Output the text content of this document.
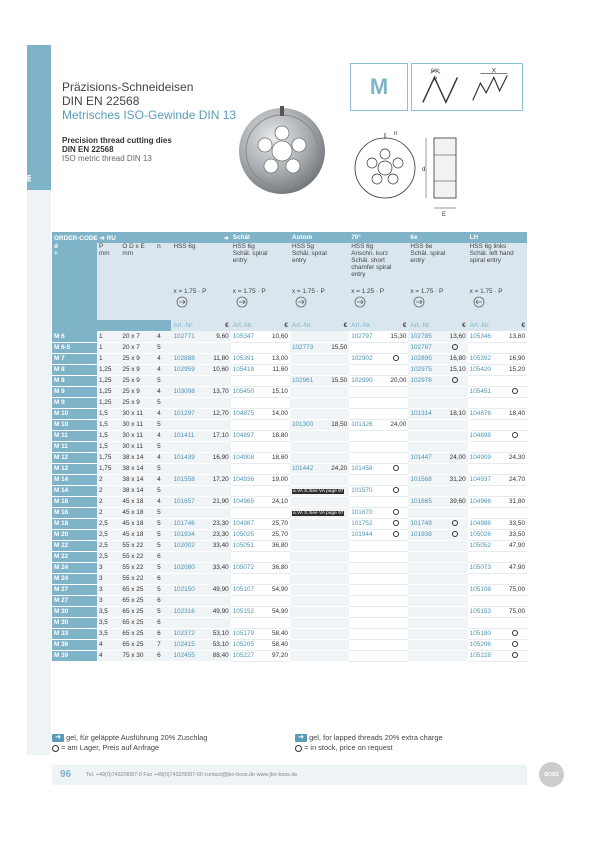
M
Präzisions-Schneideisen
DIN EN 22568
Metrisches ISO-Gewinde DIN 13
Precision thread cutting dies
DIN EN 22568
ISO metric thread DIN 13
M
60°
P
X
n
d
E
ORDER-CODE ➜ RU				➜		Schäl		Autom		70°		6e		LH	
d
+	P
mm	O D x E
mm	n	HSS 6g		HSS 6g
Schäl. spiral entry		HSS 5g
Schäl. spiral entry		HSS 6g
Anschn. kurz Schäl. short chamfer spiral entry		HSS 6e
Schäl. spiral entry		HSS 6g links
Schäl. left hand spiral entry	
				x = 1.75 · P		x = 1.75 · P		x = 1.75 · P		x = 1.25 · P		x = 1.75 · P		x = 1.75 · P	

				Art.-Nr.	€	Art.-Nr.	€	Art.-Nr.	€	Art.-Nr.	€	Art.-Nr.	€	Art.-Nr.	€
M 6	1	20 x 7	4	102771	9,60	105347	10,60			102797	15,30	102785	13,60	105346	13,60
M 6-5	1	20 x 7	5					102773	15,50			102787			
M 7	1	25 x 9	4	102888	11,80	105391	13,00			102902		102895	16,80	105392	16,90
M 8	1,25	25 x 9	4	102959	10,60	105419	11,60					102975	15,10	105420	15,20
M 8	1,25	25 x 9	5					102961	15,50	102990	20,00	102978			
M 9	1,25	25 x 9	4	103098	13,70	105450	15,10							105451	
M 9	1,25	25 x 9	5												
M 10	1,5	30 x 11	4	101297	12,70	104875	14,00					101314	18,10	104876	18,40
M 10	1,5	30 x 11	5					101300	18,50	101326	24,00				
M 11	1,5	30 x 11	4	101411	17,10	104897	18,80							104898	
M 11	1,5	30 x 11	5												
M 12	1,75	38 x 14	4	101439	16,90	104908	18,60					101447	24,00	104909	24,30
M 12	1,75	38 x 14	5					101442	24,20	101458					
M 14	2	38 x 14	4	101558	17,20	104936	19,00					101568	31,20	104937	24,70
M 14	2	38 x 14	5					a.VA S./see VA page 97		101570					
M 16	2	45 x 18	4	101657	21,90	104965	24,10					101665	39,60	104966	31,80
M 16	2	45 x 18	5					a.VA S./see VA page 97		101670					
M 18	2,5	45 x 18	5	101746	23,30	104987	25,70			101752		101749		104988	33,50
M 20	2,5	45 x 18	5	101934	23,30	105025	25,70			101944		101938		105026	33,50
M 22	2,5	55 x 22	5	102002	33,40	105051	36,80							105052	47,90
M 22	2,5	55 x 22	6												
M 24	3	55 x 22	5	102080	33,40	105072	36,80							105073	47,90
M 24	3	55 x 22	6												
M 27	3	65 x 25	5	102150	49,90	105107	54,90							105108	75,00
M 27	3	65 x 25	6												
M 30	3,5	65 x 25	5	102316	49,90	105152	54,90							105153	75,00
M 30	3,5	65 x 25	6												
M 33	3,5	65 x 25	6	102372	53,10	105179	58,40							105180	
M 36	4	65 x 25	7	102415	53,10	105205	58,40							105206	
M 39	4	75 x 30	6	102455	88,40	105227	97,20							105228	
➜ gel, für geläppte Ausführung 20% Zuschlag
= am Lager, Preis auf Anfrage
➜ gel, for lapped threads 20% extra charge
= in stock, price on request
96	Tel. +49(0)7432/9087-0 Fax +49(0)7432/9087-60 contact@jbo-boss.de www.jbo-boss.de	BOSS
